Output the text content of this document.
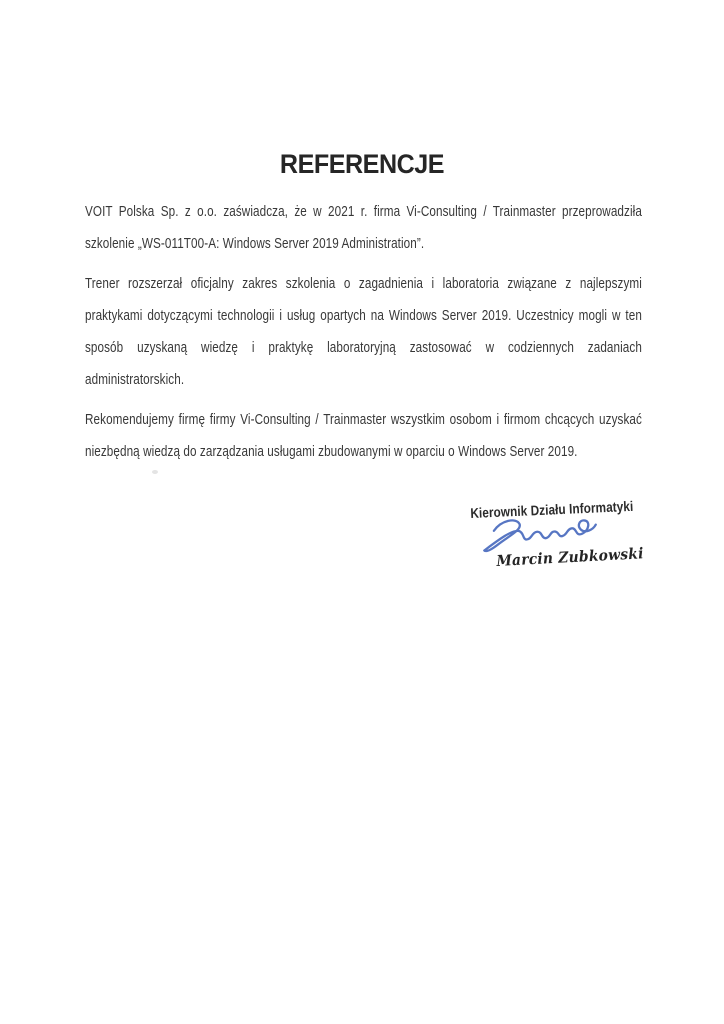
REFERENCJE

VOIT Polska Sp. z o.o. zaświadcza, że w 2021 r. firma Vi-Consulting / Trainmaster przeprowadziła szkolenie „WS-011T00-A: Windows Server 2019 Administration”.

Trener rozszerzał oficjalny zakres szkolenia o zagadnienia i laboratoria związane z najlepszymi praktykami dotyczącymi technologii i usług opartych na Windows Server 2019. Uczestnicy mogli w ten sposób uzyskaną wiedzę i praktykę laboratoryjną zastosować w codziennych zadaniach administratorskich.

Rekomendujemy firmę firmy Vi-Consulting / Trainmaster wszystkim osobom i firmom chcących uzyskać niezbędną wiedzą do zarządzania usługami zbudowanymi w oparciu o Windows Server 2019.

Kierownik Działu Informatyki

Marcin Zubkowski
